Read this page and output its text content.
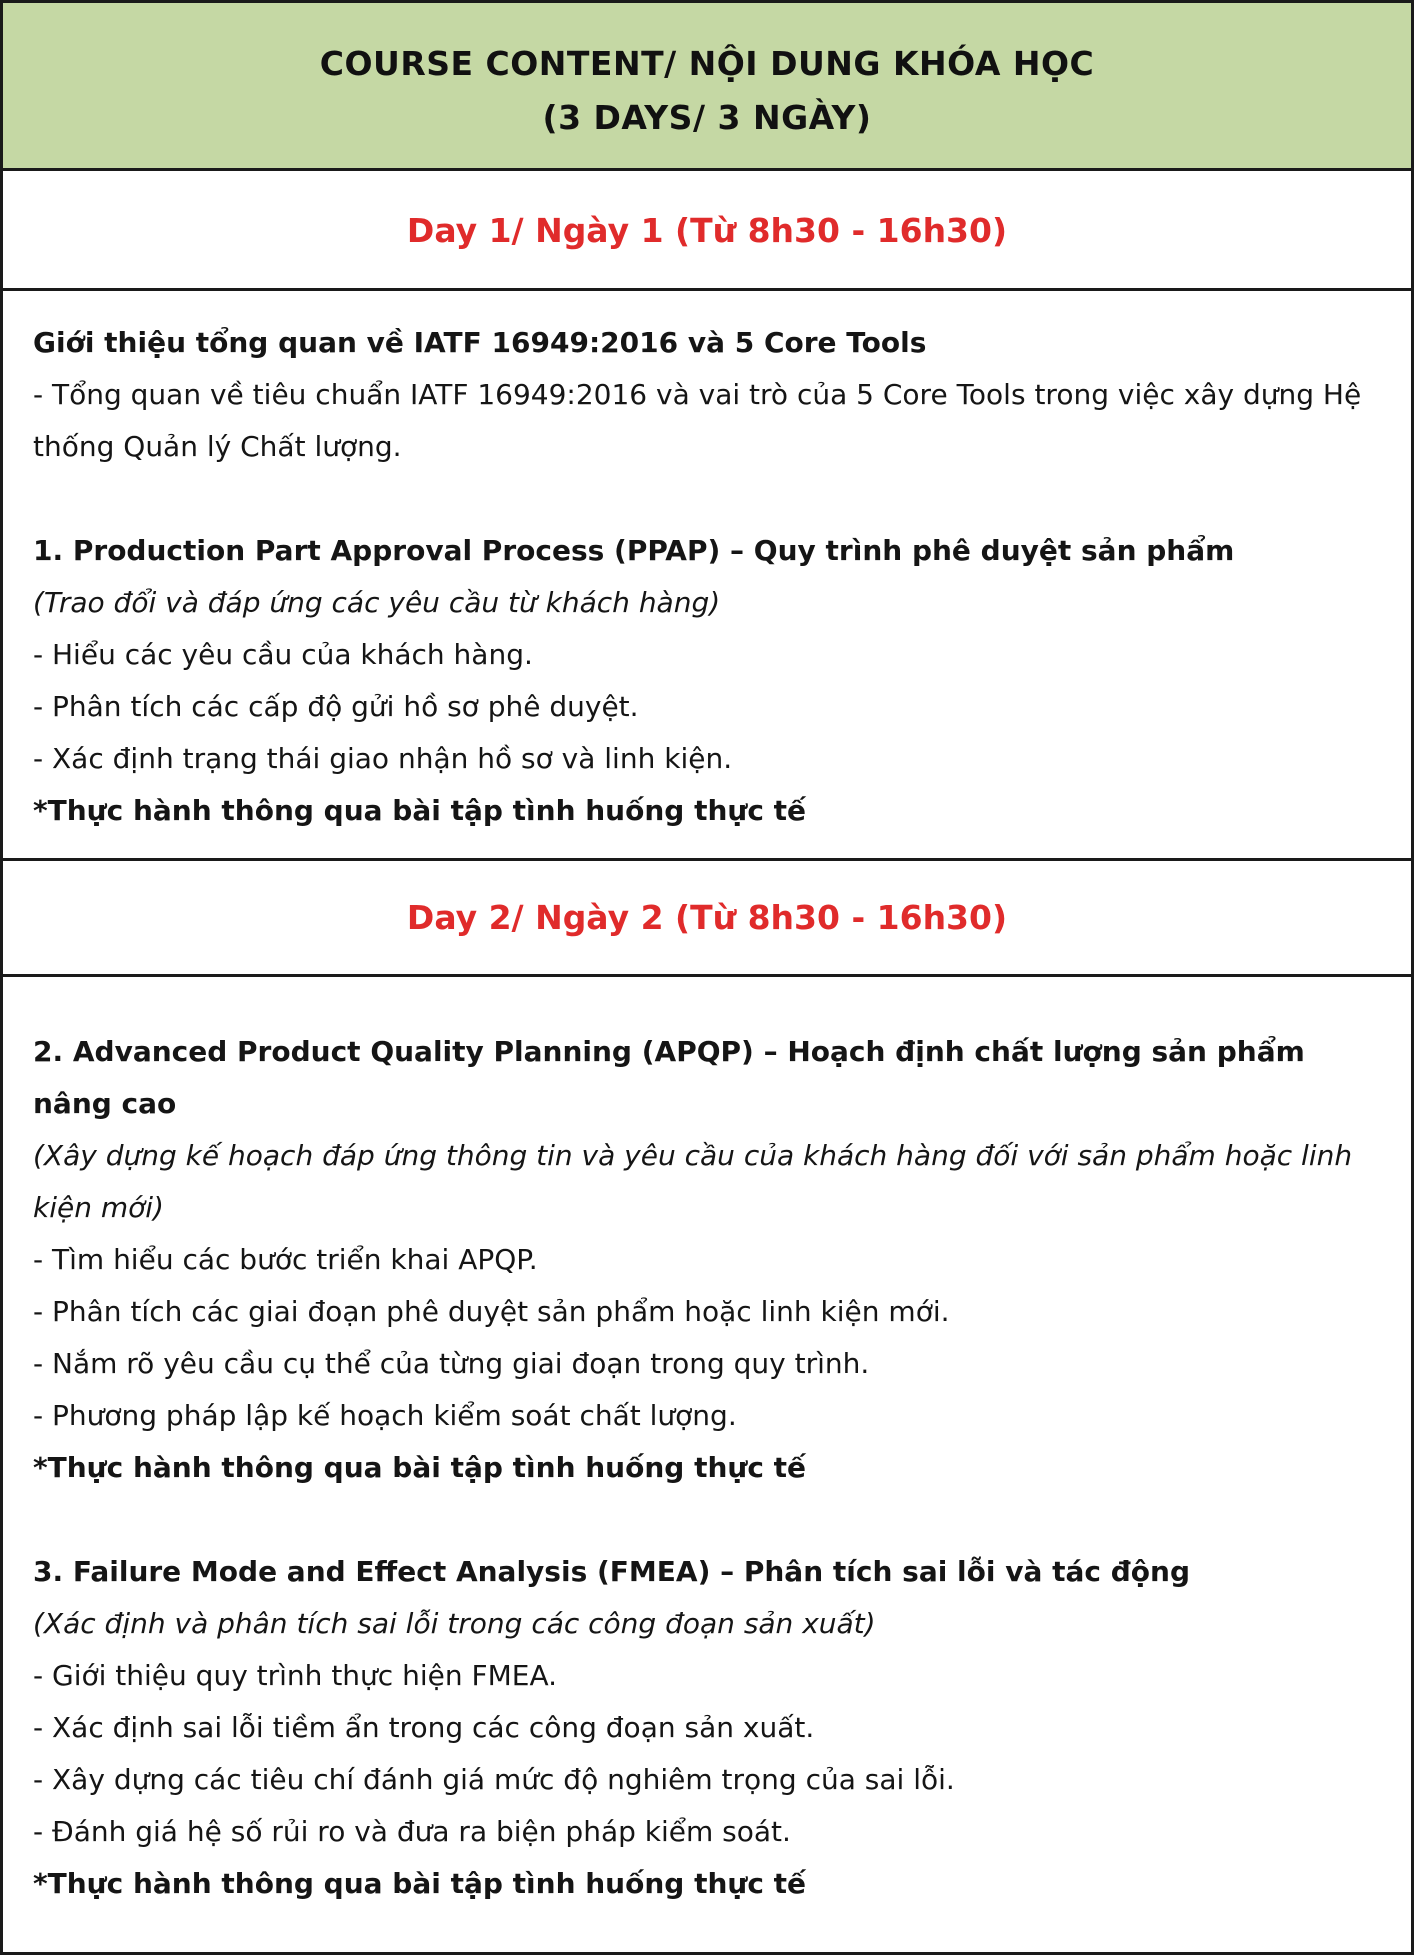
COURSE CONTENT/ NỘI DUNG KHÓA HỌC
(3 DAYS/ 3 NGÀY)
Day 1/ Ngày 1 (Từ 8h30 - 16h30)
Giới thiệu tổng quan về IATF 16949:2016 và 5 Core Tools
- Tổng quan về tiêu chuẩn IATF 16949:2016 và vai trò của 5 Core Tools trong việc xây dựng Hệ thống Quản lý Chất lượng.
1. Production Part Approval Process (PPAP) – Quy trình phê duyệt sản phẩm
(Trao đổi và đáp ứng các yêu cầu từ khách hàng)
- Hiểu các yêu cầu của khách hàng.
- Phân tích các cấp độ gửi hồ sơ phê duyệt.
- Xác định trạng thái giao nhận hồ sơ và linh kiện.
*Thực hành thông qua bài tập tình huống thực tế
Day 2/ Ngày 2 (Từ 8h30 - 16h30)
2. Advanced Product Quality Planning (APQP) – Hoạch định chất lượng sản phẩm nâng cao
(Xây dựng kế hoạch đáp ứng thông tin và yêu cầu của khách hàng đối với sản phẩm hoặc linh kiện mới)
- Tìm hiểu các bước triển khai APQP.
- Phân tích các giai đoạn phê duyệt sản phẩm hoặc linh kiện mới.
- Nắm rõ yêu cầu cụ thể của từng giai đoạn trong quy trình.
- Phương pháp lập kế hoạch kiểm soát chất lượng.
*Thực hành thông qua bài tập tình huống thực tế
3. Failure Mode and Effect Analysis (FMEA) – Phân tích sai lỗi và tác động
(Xác định và phân tích sai lỗi trong các công đoạn sản xuất)
- Giới thiệu quy trình thực hiện FMEA.
- Xác định sai lỗi tiềm ẩn trong các công đoạn sản xuất.
- Xây dựng các tiêu chí đánh giá mức độ nghiêm trọng của sai lỗi.
- Đánh giá hệ số rủi ro và đưa ra biện pháp kiểm soát.
*Thực hành thông qua bài tập tình huống thực tế
